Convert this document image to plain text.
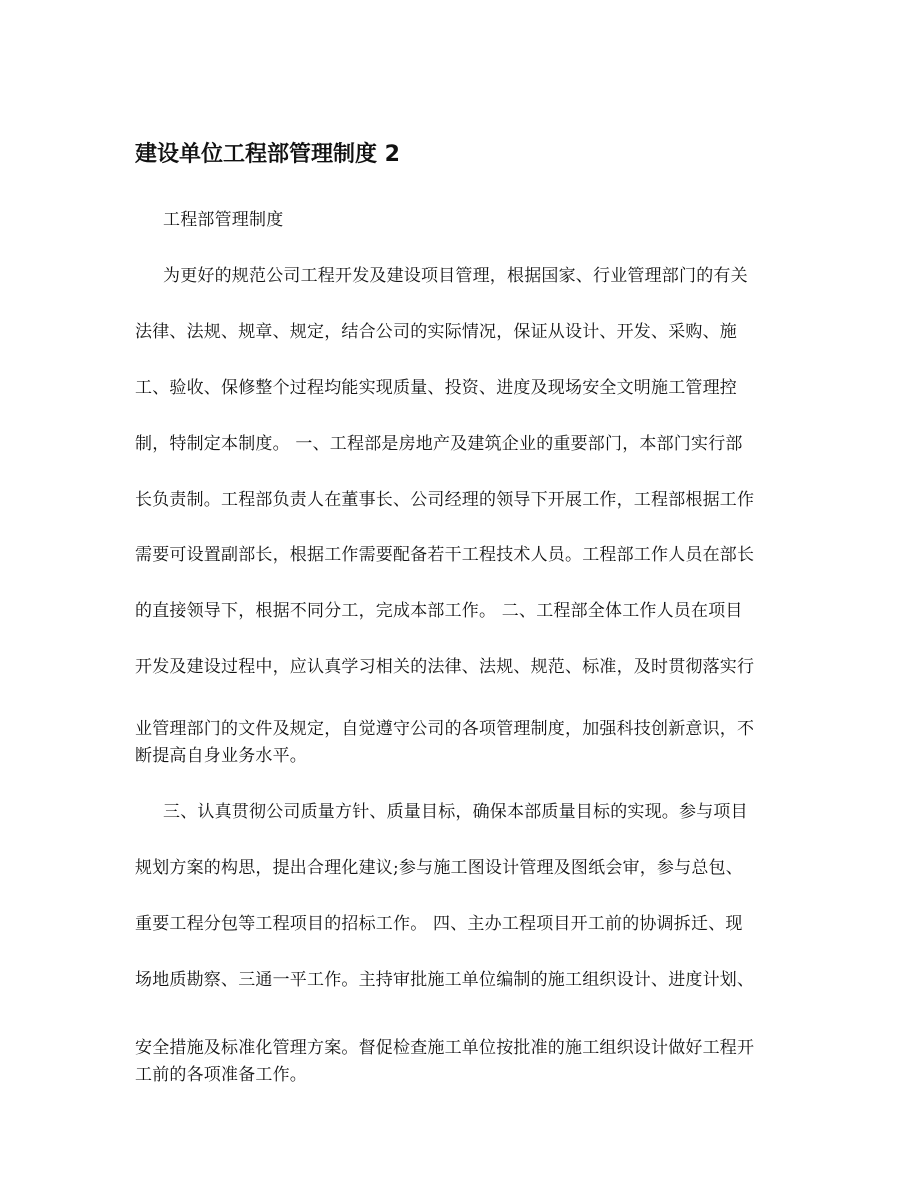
建设单位工程部管理制度 2

工程部管理制度

为更好的规范公司工程开发及建设项目管理，根据国家、行业管理部门的有关

法律、法规、规章、规定，结合公司的实际情况，保证从设计、开发、采购、施

工、验收、保修整个过程均能实现质量、投资、进度及现场安全文明施工管理控

制，特制定本制度。 一、工程部是房地产及建筑企业的重要部门，本部门实行部

长负责制。工程部负责人在董事长、公司经理的领导下开展工作，工程部根据工作

需要可设置副部长，根据工作需要配备若干工程技术人员。工程部工作人员在部长

的直接领导下，根据不同分工，完成本部工作。 二、工程部全体工作人员在项目

开发及建设过程中，应认真学习相关的法律、法规、规范、标准，及时贯彻落实行

业管理部门的文件及规定，自觉遵守公司的各项管理制度，加强科技创新意识，不

断提高自身业务水平。

三、认真贯彻公司质量方针、质量目标，确保本部质量目标的实现。参与项目

规划方案的构思，提出合理化建议;参与施工图设计管理及图纸会审，参与总包、

重要工程分包等工程项目的招标工作。 四、主办工程项目开工前的协调拆迁、现

场地质勘察、三通一平工作。主持审批施工单位编制的施工组织设计、进度计划、

安全措施及标准化管理方案。督促检查施工单位按批准的施工组织设计做好工程开

工前的各项准备工作。
